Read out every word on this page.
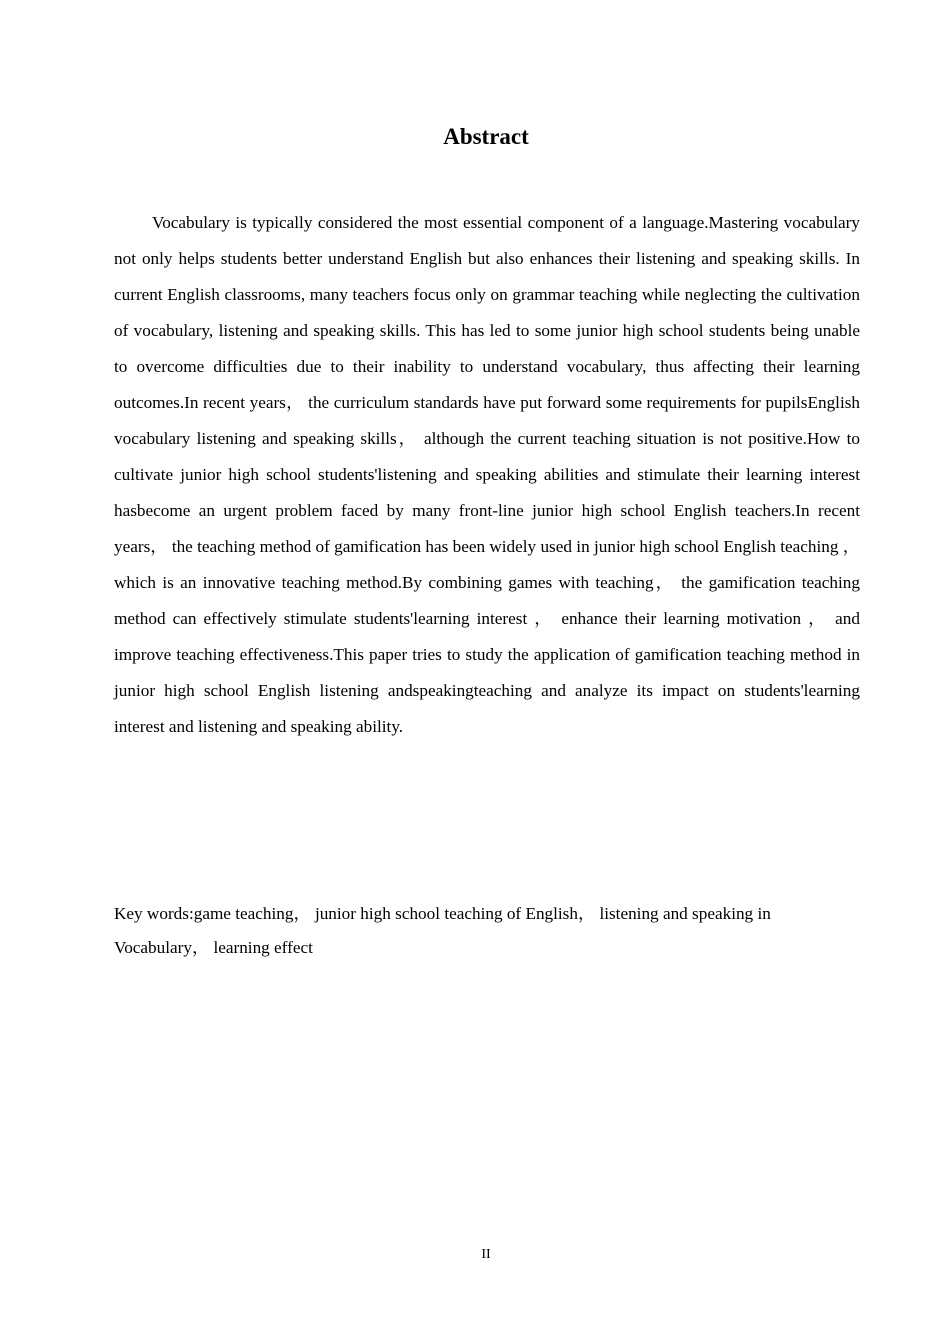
Abstract

Vocabulary is typically considered the most essential component of a language.Mastering vocabulary not only helps students better understand English but also enhances their listening and speaking skills. In current English classrooms, many teachers focus only on grammar teaching while neglecting the cultivation of vocabulary, listening and speaking skills. This has led to some junior high school students being unable to overcome difficulties due to their inability to understand vocabulary, thus affecting their learning outcomes.In recent years， the curriculum standards have put forward some requirements for pupilsEnglish vocabulary listening and speaking skills， although the current teaching situation is not positive.How to cultivate junior high school students'listening and speaking abilities and stimulate their learning interest hasbecome an urgent problem faced by many front-line junior high school English teachers.In recent years， the teaching method of gamification has been widely used in junior high school English teaching ， which is an innovative teaching method.By combining games with teaching， the gamification teaching method can effectively stimulate students'learning interest ， enhance their learning motivation ， and improve teaching effectiveness.This paper tries to study the application of gamification teaching method in junior high school English listening andspeakingteaching and analyze its impact on students'learning interest and listening and speaking ability.

Key words:game teaching， junior high school teaching of English， listening and speaking in Vocabulary， learning effect

II
